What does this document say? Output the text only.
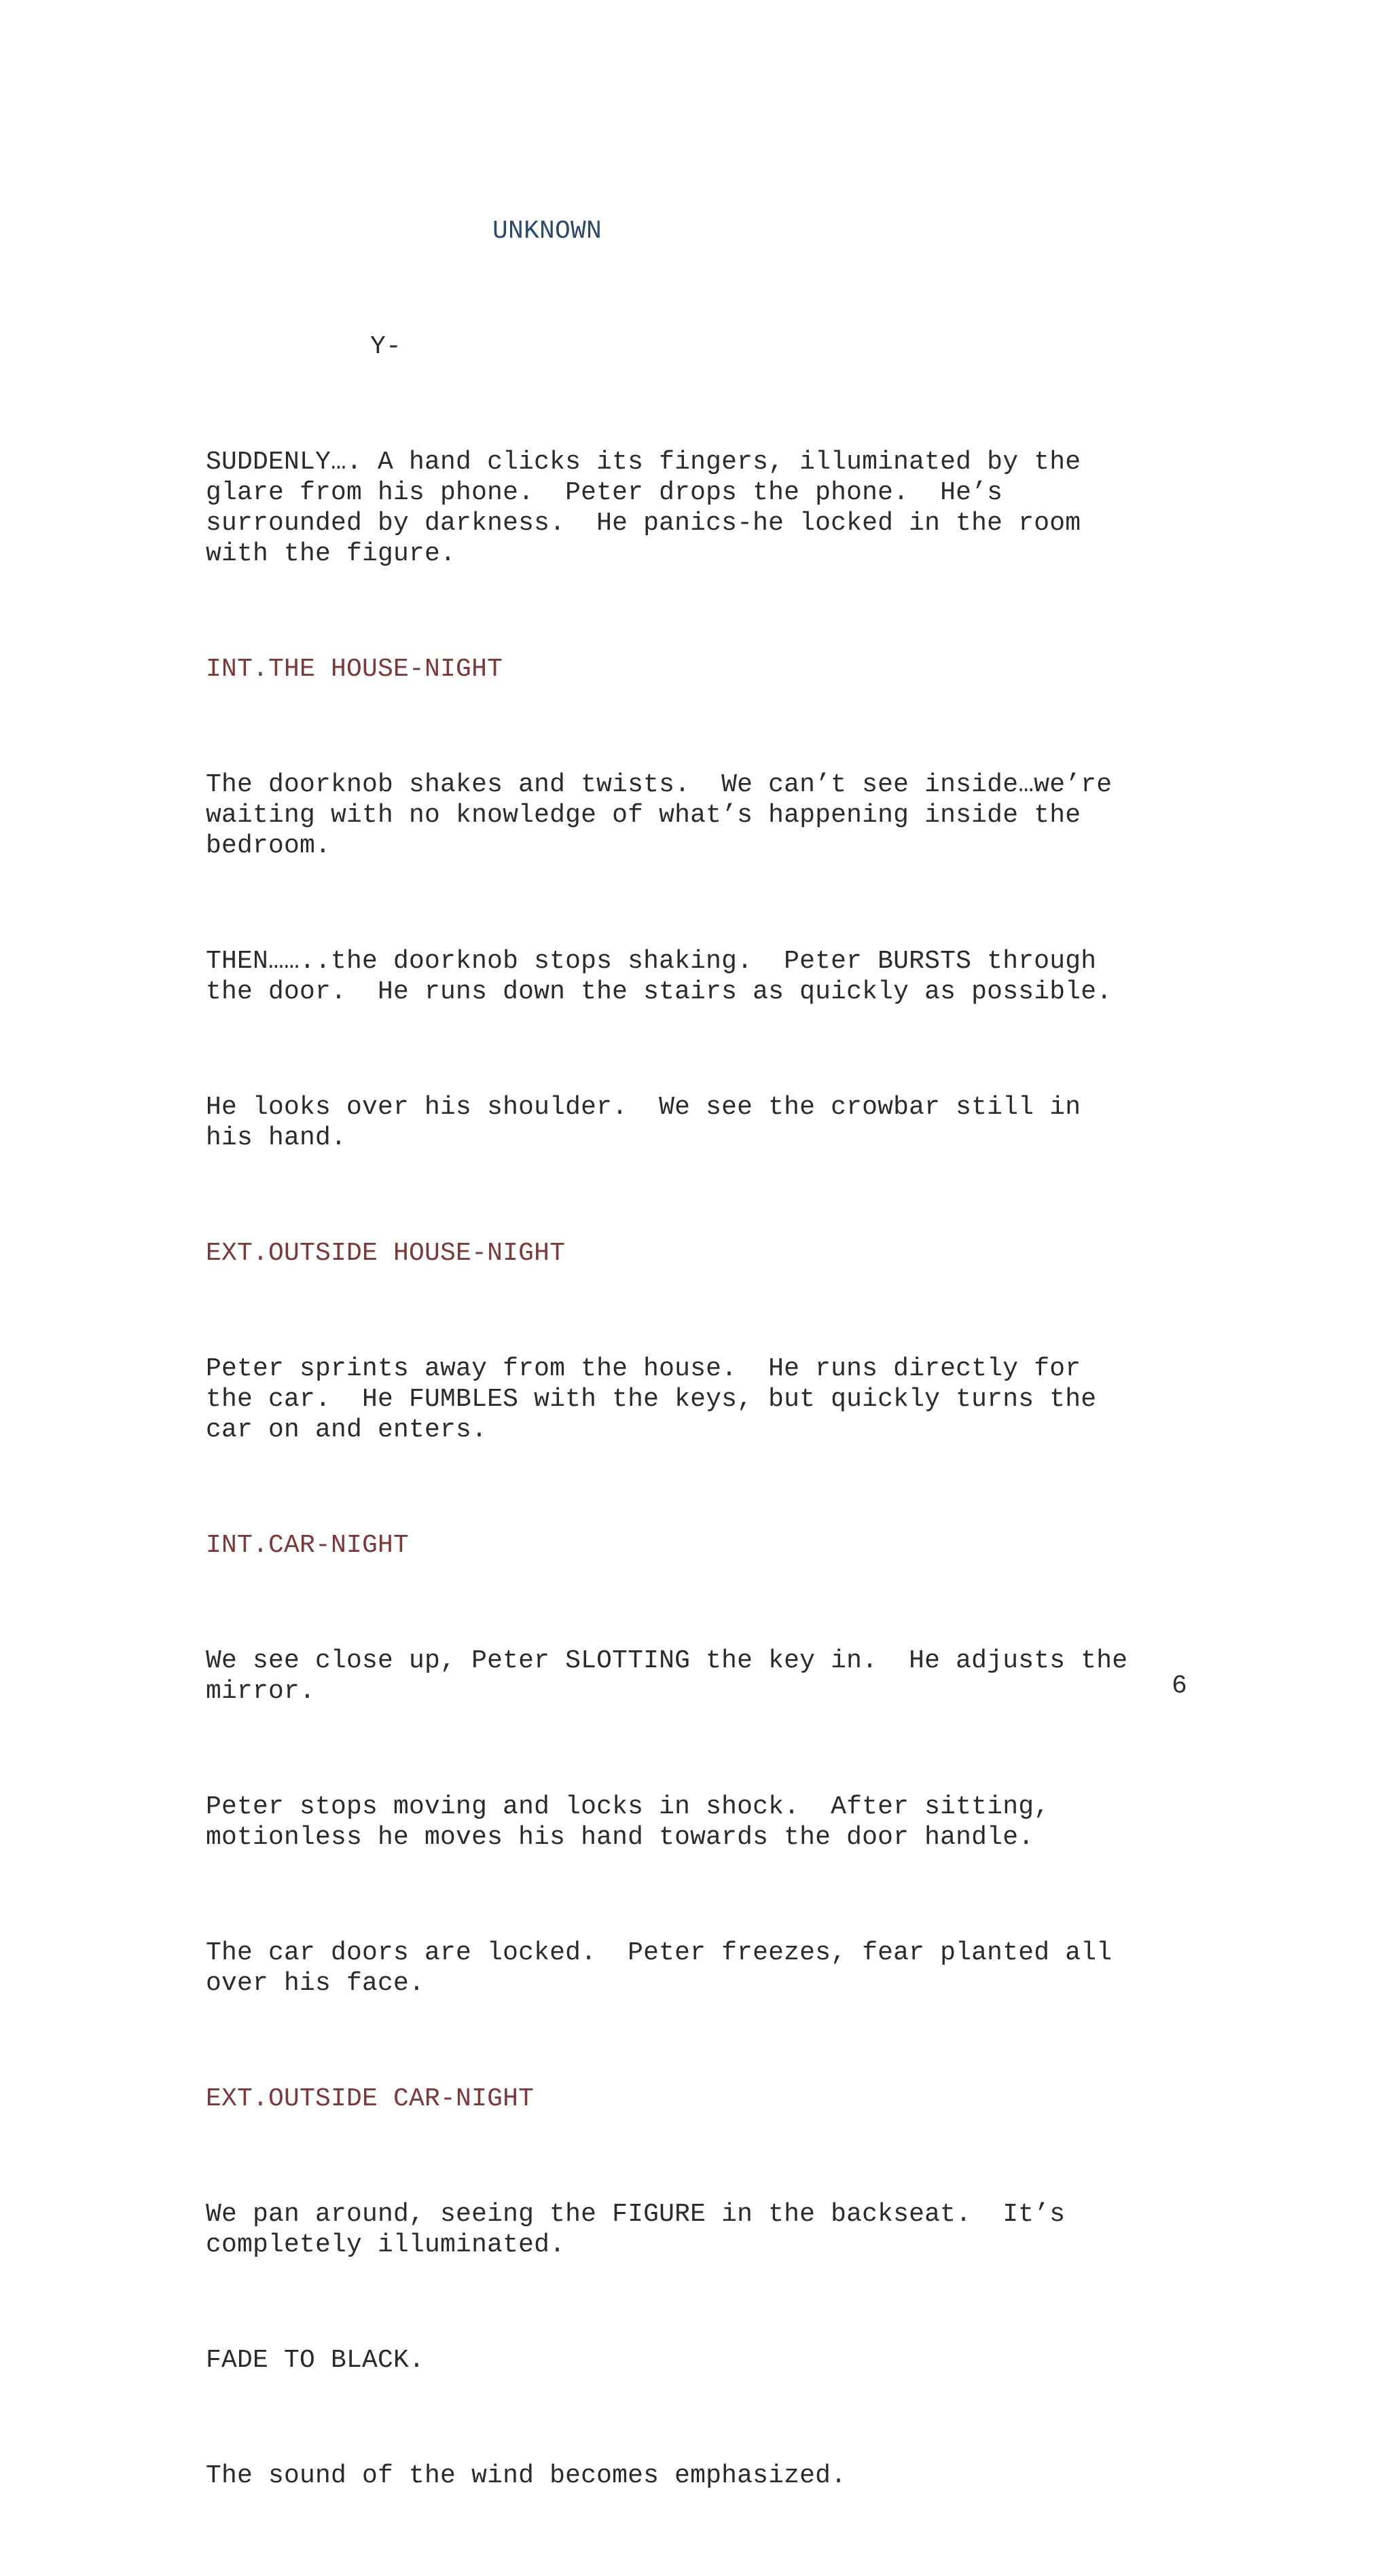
UNKNOWN

Y-

SUDDENLY…. A hand clicks its fingers, illuminated by the
glare from his phone.  Peter drops the phone.  He’s
surrounded by darkness.  He panics-he locked in the room
with the figure.

INT.THE HOUSE-NIGHT

The doorknob shakes and twists.  We can’t see inside…we’re
waiting with no knowledge of what’s happening inside the
bedroom.

THEN……..the doorknob stops shaking.  Peter BURSTS through
the door.  He runs down the stairs as quickly as possible.

He looks over his shoulder.  We see the crowbar still in
his hand.

EXT.OUTSIDE HOUSE-NIGHT

Peter sprints away from the house.  He runs directly for
the car.  He FUMBLES with the keys, but quickly turns the
car on and enters.

INT.CAR-NIGHT

We see close up, Peter SLOTTING the key in.  He adjusts the
mirror.

Peter stops moving and locks in shock.  After sitting,
motionless he moves his hand towards the door handle.

The car doors are locked.  Peter freezes, fear planted all
over his face.

EXT.OUTSIDE CAR-NIGHT

We pan around, seeing the FIGURE in the backseat.  It’s
completely illuminated.

FADE TO BLACK.

The sound of the wind becomes emphasized.

6
